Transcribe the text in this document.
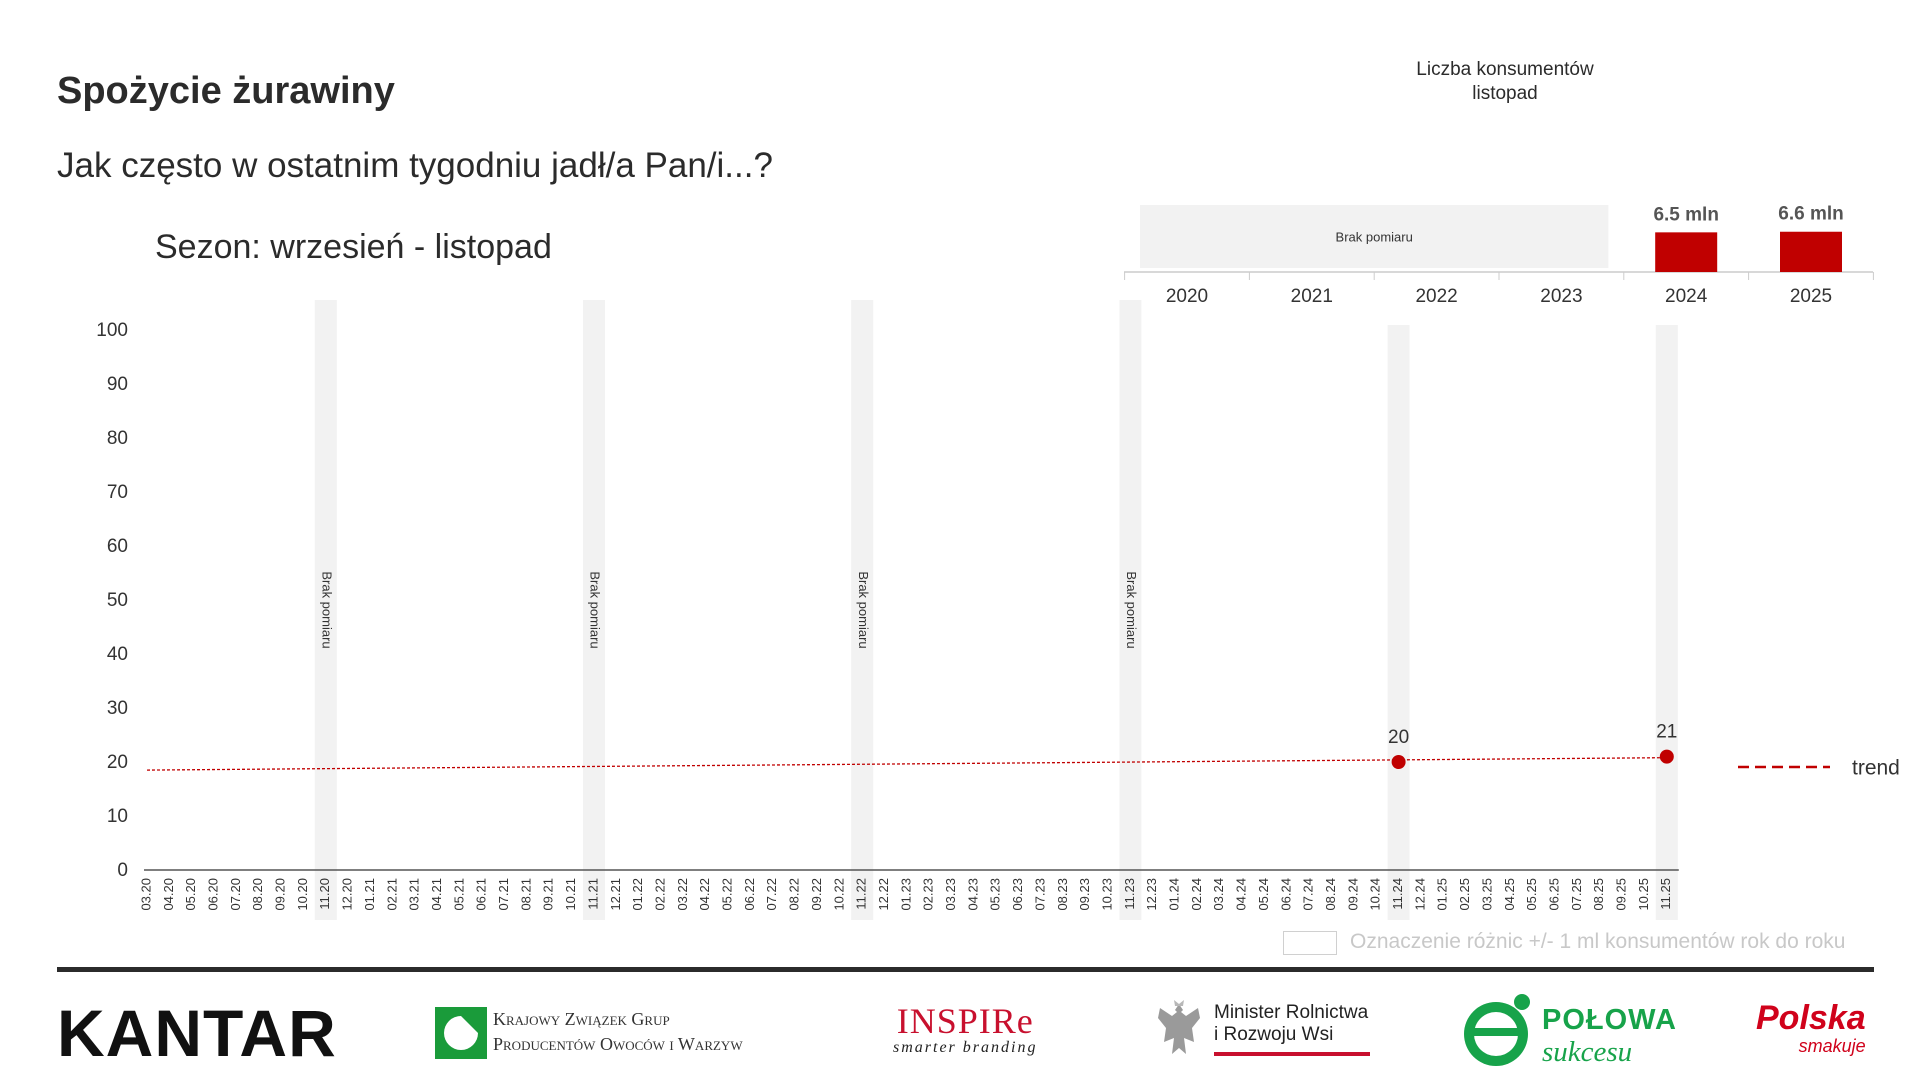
Spożycie żurawiny
Jak często w ostatnim tygodniu jadł/a Pan/i...?
Sezon: wrzesień - listopad
Liczba konsumentów
listopad
Brak pomiaru	Brak pomiaru	Brak pomiaru	Brak pomiaru
0
10
20
30
40
50
60
70
80
90
100
03.20 04.20 05.20 06.20 07.20 08.20 09.20 10.20 11.20 12.20 01.21 02.21 03.21 04.21 05.21 06.21 07.21 08.21 09.21 10.21 11.21 12.21 01.22 02.22 03.22 04.22 05.22 06.22 07.22 08.22 09.22 10.22 11.22 12.22 01.23 02.23 03.23 04.23 05.23 06.23 07.23 08.23 09.23 10.23 11.23 12.23 01.24 02.24 03.24 04.24 05.24 06.24 07.24 08.24 09.24 10.24 11.24 12.24 01.25 02.25 03.25 04.25 05.25 06.25 07.25 08.25 09.25 10.25 11.25
20	21
trend
Brak pomiaru
2020	2021	2022	2023	2024
6.5 mln
2025
6.6 mln
Oznaczenie różnic +/- 1 ml konsumentów rok do roku
KANTAR	Krajowy Związek Grup
Producentów Owoców i Warzyw
INSPIRe
smarter branding
Minister Rolnictwa
i Rozwoju Wsi	POŁOWA
sukcesu
Polska
smakuje
